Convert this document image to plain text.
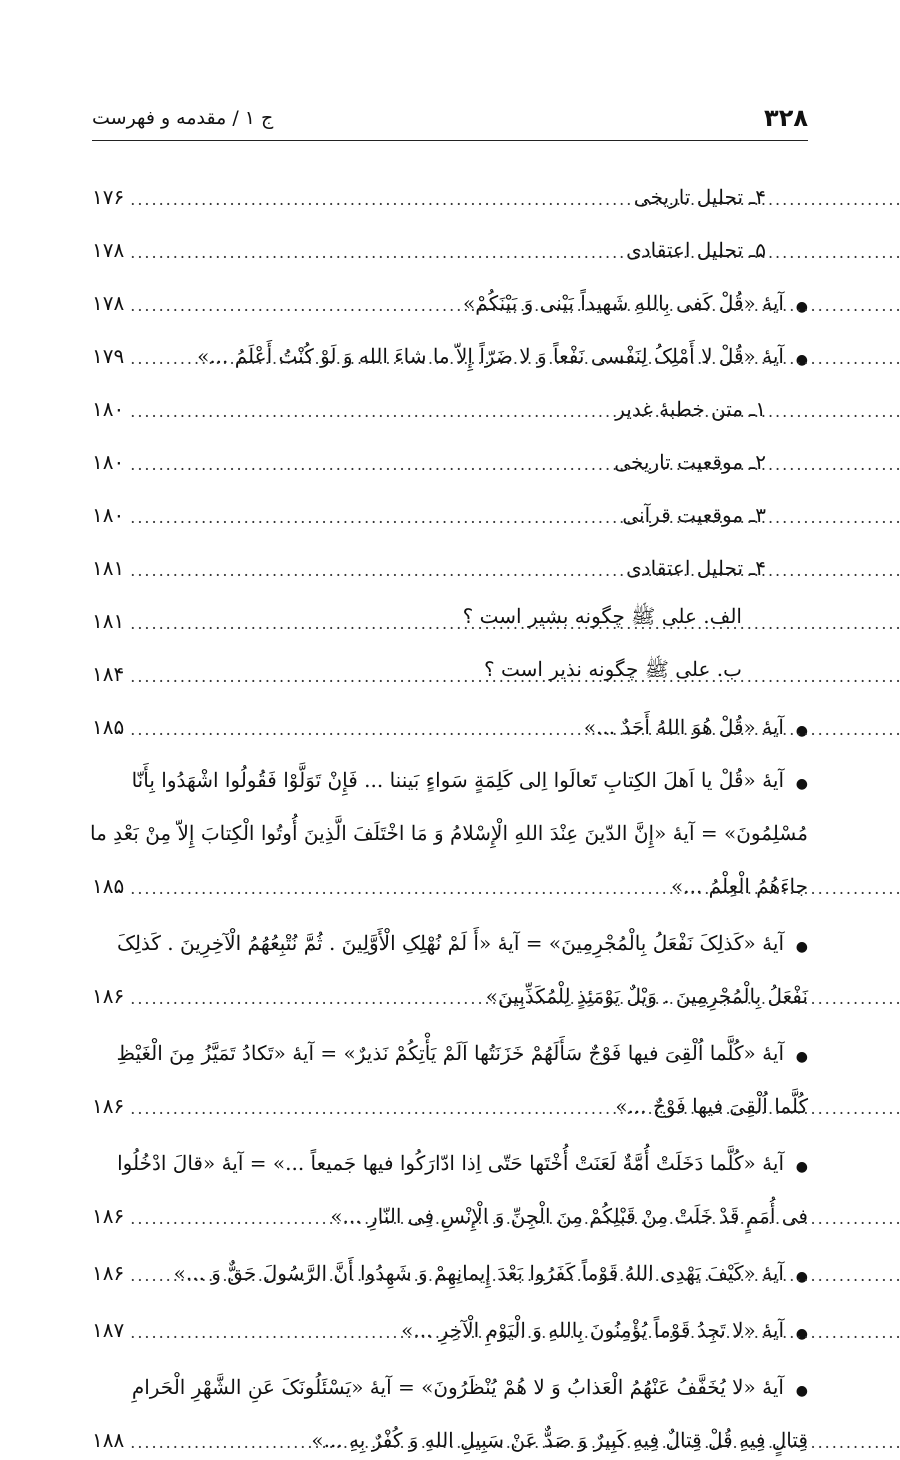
۳۲۸
ج ۱ / مقدمه و فهرست
۴ـ تحلیل تاریخی
.....
۱۷۶
۵ـ تحلیل اعتقادی
.....
۱۷۸
●
آیهٔ «قُلْ کَفی بِاللهِ شَهیداً بَیْنی وَ بَیْنَکُمْ»
.....
۱۷۸
●
آیهٔ «قُلْ لا أَمْلِکُ لِنَفْسی نَفْعاً وَ لا ضَرّاً إِلاّ ما شاءَ الله وَ لَوْ کُنْتُ أَعْلَمُ ...»
.....
۱۷۹
۱ـ متن خطبهٔ غدیر
.....
۱۸۰
۲ـ موقعیت تاریخی
.....
۱۸۰
۳ـ موقعیت قرآنی
.....
۱۸۰
۴ـ تحلیل اعتقادی
.....
۱۸۱
الف. علی ﷺ چگونه بشیر است ؟
.....
۱۸۱
ب. علی ﷺ چگونه نذیر است ؟
.....
۱۸۴
●
آیهٔ «قُلْ هُوَ اللهُ أَحَدٌ ...»
.....
۱۸۵
●
آیهٔ «قُلْ یا اَهلَ الکِتابِ تَعالَوا اِلی کَلِمَةٍ سَواءٍ بَیننا ... فَإِنْ تَوَلَّوْا فَقُولُوا اشْهَدُوا بِأَنّا
مُسْلِمُونَ» = آیهٔ «إِنَّ الدّینَ عِنْدَ اللهِ الْإِسْلامُ وَ مَا اخْتَلَفَ الَّذِینَ أُوتُوا الْکِتابَ إِلاّ مِنْ بَعْدِ ما
جاءَهُمُ الْعِلْمُ ...»
.....
۱۸۵
●
آیهٔ «کَذلِکَ نَفْعَلُ بِالْمُجْرِمِینَ» = آیهٔ «أَ لَمْ نُهْلِکِ الْأَوَّلِینَ . ثُمَّ نُتْبِعُهُمُ الْآخِرِینَ . کَذلِکَ
نَفْعَلُ بِالْمُجْرِمِینَ . وَیْلٌ یَوْمَئِذٍ لِلْمُکَذِّبِینَ»
.....
۱۸۶
●
آیهٔ «کُلَّما اُلْقِیَ فیها فَوْجٌ سَأَلَهُمْ خَزَنَتُها اَلَمْ یَأْتِکُمْ نَذیرٌ» = آیهٔ «تَکادُ تَمَیَّزُ مِنَ الْغَیْظِ
کُلَّما اُلْقِیَ فیها فَوْجٌ ...»
.....
۱۸۶
●
آیهٔ «کُلَّما دَخَلَتْ أُمَّةٌ لَعَنَتْ أُخْتَها حَتّی اِذا ادّارَکُوا فیها جَمیعاً ...» = آیهٔ «قالَ ادْخُلُوا
فی أُمَمٍ قَدْ خَلَتْ مِنْ قَبْلِکُمْ مِنَ الْجِنِّ وَ الْإِنْسِ فِی النّارِ ...»
.....
۱۸۶
●
آیهٔ «کَیْفَ یَهْدِی اللهُ قَوْماً کَفَرُوا بَعْدَ إِیمانِهِمْ وَ شَهِدُوا أَنَّ الرَّسُولَ حَقٌّ وَ ...»
.....
۱۸۶
●
آیهٔ «لا تَجِدُ قَوْماً یُؤْمِنُونَ بِاللهِ وَ الْیَوْمِ الْآخِرِ ...»
.....
۱۸۷
●
آیهٔ «لا یُخَفَّفُ عَنْهُمُ الْعَذابُ وَ لا هُمْ یُنْظَرُونَ» = آیهٔ «یَسْئَلُونَکَ عَنِ الشَّهْرِ الْحَرامِ
قِتالٍ فِیهِ قُلْ قِتالٌ فِیهِ کَبِیرٌ وَ صَدٌّ عَنْ سَبِیلِ اللهِ وَ کُفْرٌ بِهِ ...»
.....
۱۸۸
